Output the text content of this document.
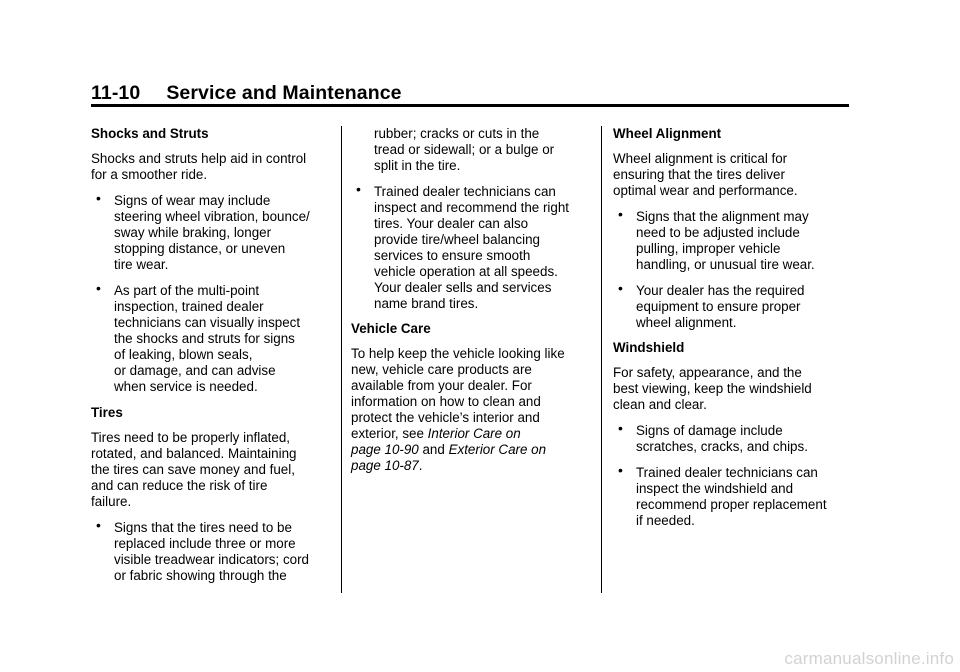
11-10 Service and Maintenance

Shocks and Struts

Shocks and struts help aid in control
for a smoother ride.

• Signs of wear may include
steering wheel vibration, bounce/
sway while braking, longer
stopping distance, or uneven
tire wear.
• As part of the multi-point
inspection, trained dealer
technicians can visually inspect
the shocks and struts for signs
of leaking, blown seals,
or damage, and can advise
when service is needed.

Tires

Tires need to be properly inflated,
rotated, and balanced. Maintaining
the tires can save money and fuel,
and can reduce the risk of tire
failure.

• Signs that the tires need to be
replaced include three or more
visible treadwear indicators; cord
or fabric showing through the
rubber; cracks or cuts in the
tread or sidewall; or a bulge or
split in the tire.
• Trained dealer technicians can
inspect and recommend the right
tires. Your dealer can also
provide tire/wheel balancing
services to ensure smooth
vehicle operation at all speeds.
Your dealer sells and services
name brand tires.

Vehicle Care

To help keep the vehicle looking like
new, vehicle care products are
available from your dealer. For
information on how to clean and
protect the vehicle’s interior and
exterior, see Interior Care on
page 10-90 and Exterior Care on
page 10-87.

Wheel Alignment

Wheel alignment is critical for
ensuring that the tires deliver
optimal wear and performance.

• Signs that the alignment may
need to be adjusted include
pulling, improper vehicle
handling, or unusual tire wear.
• Your dealer has the required
equipment to ensure proper
wheel alignment.

Windshield

For safety, appearance, and the
best viewing, keep the windshield
clean and clear.

• Signs of damage include
scratches, cracks, and chips.
• Trained dealer technicians can
inspect the windshield and
recommend proper replacement
if needed.
carmanualsonline.info
